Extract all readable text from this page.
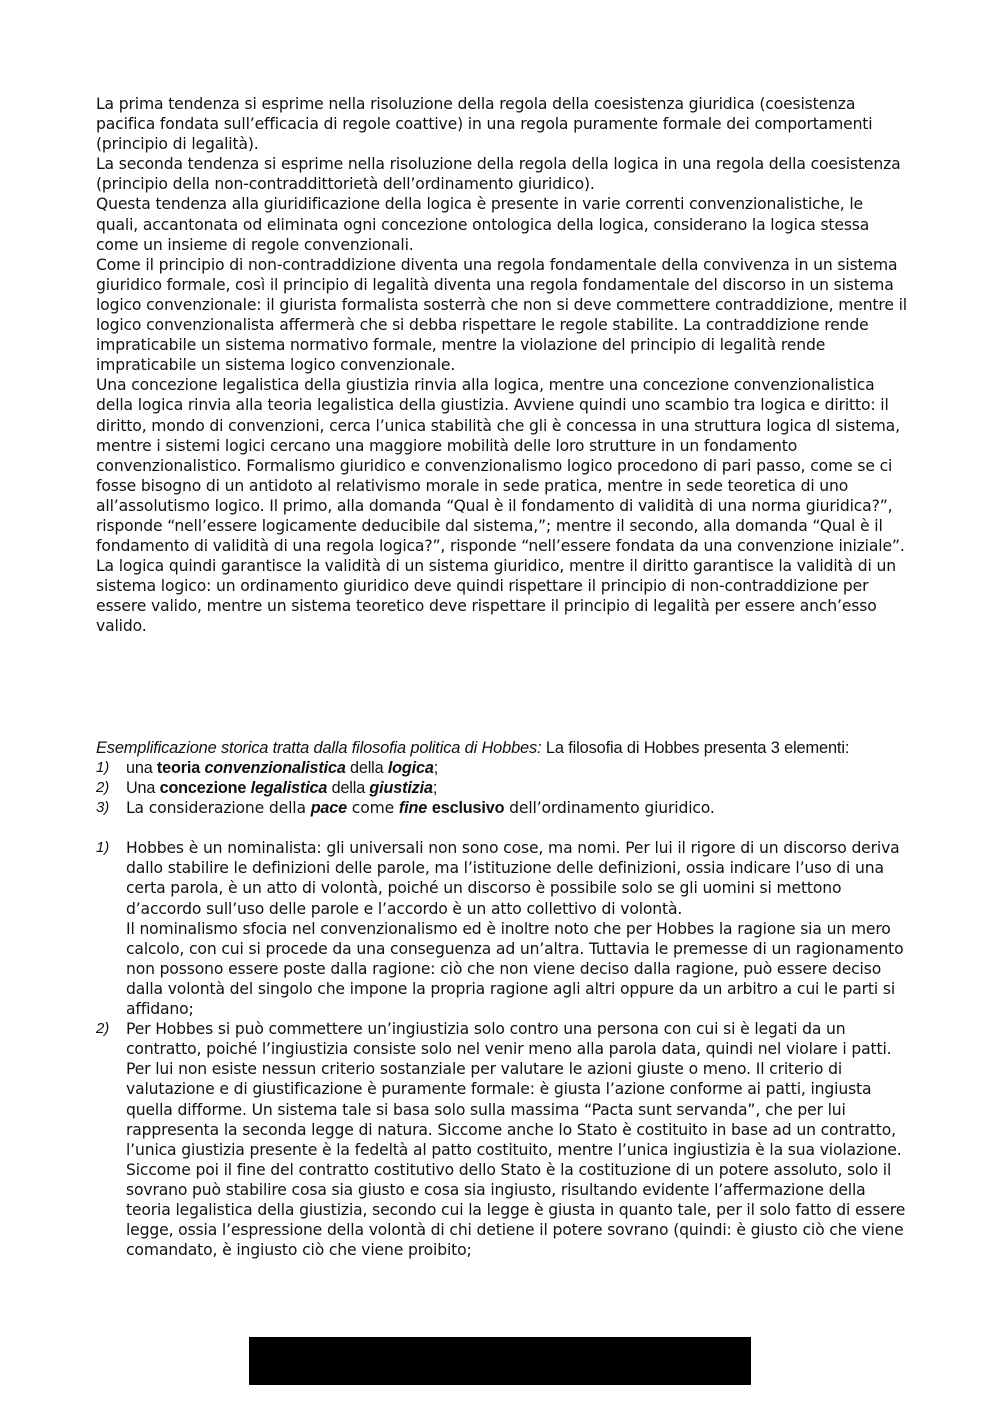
La prima tendenza si esprime nella risoluzione della regola della coesistenza giuridica (coesistenza pacifica fondata sull’efficacia di regole coattive) in una regola puramente formale dei comportamenti (principio di legalità).

La seconda tendenza si esprime nella risoluzione della regola della logica in una regola della coesistenza (principio della non-contraddittorietà dell’ordinamento giuridico).

Questa tendenza alla giuridificazione della logica è presente in varie correnti convenzionalistiche, le quali, accantonata od eliminata ogni concezione ontologica della logica, considerano la logica stessa come un insieme di regole convenzionali.

Come il principio di non-contraddizione diventa una regola fondamentale della convivenza in un sistema giuridico formale, così il principio di legalità diventa una regola fondamentale del discorso in un sistema logico convenzionale: il giurista formalista sosterrà che non si deve commettere contraddizione, mentre il logico convenzionalista affermerà che si debba rispettare le regole stabilite. La contraddizione rende impraticabile un sistema normativo formale, mentre la violazione del principio di legalità rende impraticabile un sistema logico convenzionale.

Una concezione legalistica della giustizia rinvia alla logica, mentre una concezione convenzionalistica della logica rinvia alla teoria legalistica della giustizia. Avviene quindi uno scambio tra logica e diritto: il diritto, mondo di convenzioni, cerca l’unica stabilità che gli è concessa in una struttura logica dl sistema, mentre i sistemi logici cercano una maggiore mobilità delle loro strutture in un fondamento convenzionalistico. Formalismo giuridico e convenzionalismo logico procedono di pari passo, come se ci fosse bisogno di un antidoto al relativismo morale in sede pratica, mentre in sede teoretica di uno all’assolutismo logico. Il primo, alla domanda “Qual è il fondamento di validità di una norma giuridica?”, risponde “nell’essere logicamente deducibile dal sistema,”; mentre il secondo, alla domanda “Qual è il fondamento di validità di una regola logica?”, risponde “nell’essere fondata da una convenzione iniziale”.

La logica quindi garantisce la validità di un sistema giuridico, mentre il diritto garantisce la validità di un sistema logico: un ordinamento giuridico deve quindi rispettare il principio di non-contraddizione per essere valido, mentre un sistema teoretico deve rispettare il principio di legalità per essere anch’esso valido.

Esemplificazione storica tratta dalla filosofia politica di Hobbes: La filosofia di Hobbes presenta 3 elementi:

1) una teoria convenzionalistica della logica;
2) Una concezione legalistica della giustizia;
3) La considerazione della pace come fine esclusivo dell’ordinamento giuridico.
1) Hobbes è un nominalista: gli universali non sono cose, ma nomi. Per lui il rigore di un discorso deriva dallo stabilire le definizioni delle parole, ma l’istituzione delle definizioni, ossia indicare l’uso di una certa parola, è un atto di volontà, poiché un discorso è possibile solo se gli uomini si mettono d’accordo sull’uso delle parole e l’accordo è un atto collettivo di volontà.

Il nominalismo sfocia nel convenzionalismo ed è inoltre noto che per Hobbes la ragione sia un mero calcolo, con cui si procede da una conseguenza ad un’altra. Tuttavia le premesse di un ragionamento non possono essere poste dalla ragione: ciò che non viene deciso dalla ragione, può essere deciso dalla volontà del singolo che impone la propria ragione agli altri oppure da un arbitro a cui le parti si affidano;

2) Per Hobbes si può commettere un’ingiustizia solo contro una persona con cui si è legati da un contratto, poiché l’ingiustizia consiste solo nel venir meno alla parola data, quindi nel violare i patti. Per lui non esiste nessun criterio sostanziale per valutare le azioni giuste o meno. Il criterio di valutazione e di giustificazione è puramente formale: è giusta l’azione conforme ai patti, ingiusta quella difforme. Un sistema tale si basa solo sulla massima “Pacta sunt servanda”, che per lui rappresenta la seconda legge di natura. Siccome anche lo Stato è costituito in base ad un contratto, l’unica giustizia presente è la fedeltà al patto costituito, mentre l’unica ingiustizia è la sua violazione.

Siccome poi il fine del contratto costitutivo dello Stato è la costituzione di un potere assoluto, solo il sovrano può stabilire cosa sia giusto e cosa sia ingiusto, risultando evidente l’affermazione della teoria legalistica della giustizia, secondo cui la legge è giusta in quanto tale, per il solo fatto di essere legge, ossia l’espressione della volontà di chi detiene il potere sovrano (quindi: è giusto ciò che viene comandato, è ingiusto ciò che viene proibito;
